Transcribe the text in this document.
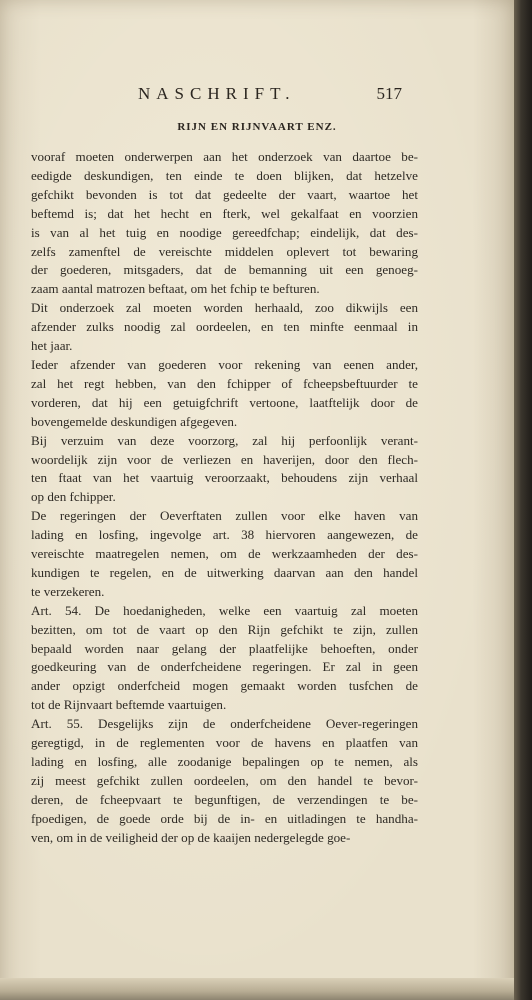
NASCHRIFT.	517
RIJN EN RIJNVAART ENZ.
vooraf moeten onderwerpen aan het onderzoek van daartoe be-
eedigde deskundigen, ten einde te doen blijken, dat hetzelve
gefchikt bevonden is tot dat gedeelte der vaart, waartoe het
beftemd is; dat het hecht en fterk, wel gekalfaat en voorzien
is van al het tuig en noodige gereedfchap; eindelijk, dat des-
zelfs zamenftel de vereischte middelen oplevert tot bewaring
der goederen, mitsgaders, dat de bemanning uit een genoeg-
zaam aantal matrozen beftaat, om het fchip te befturen.
Dit onderzoek zal moeten worden herhaald, zoo dikwijls een
afzender zulks noodig zal oordeelen, en ten minfte eenmaal in
het jaar.
Ieder afzender van goederen voor rekening van eenen ander,
zal het regt hebben, van den fchipper of fcheepsbeftuurder te
vorderen, dat hij een getuigfchrift vertoone, laatftelijk door de
bovengemelde deskundigen afgegeven.
Bij verzuim van deze voorzorg, zal hij perfoonlijk verant-
woordelijk zijn voor de verliezen en haverijen, door den flech-
ten ftaat van het vaartuig veroorzaakt, behoudens zijn verhaal
op den fchipper.
De regeringen der Oeverftaten zullen voor elke haven van
lading en losfing, ingevolge art. 38 hiervoren aangewezen, de
vereischte maatregelen nemen, om de werkzaamheden der des-
kundigen te regelen, en de uitwerking daarvan aan den handel
te verzekeren.
Art. 54. De hoedanigheden, welke een vaartuig zal moeten
bezitten, om tot de vaart op den Rijn gefchikt te zijn, zullen
bepaald worden naar gelang der plaatfelijke behoeften, onder
goedkeuring van de onderfcheidene regeringen. Er zal in geen
ander opzigt onderfcheid mogen gemaakt worden tusfchen de
tot de Rijnvaart beftemde vaartuigen.
Art. 55. Desgelijks zijn de onderfcheidene Oever-regeringen
geregtigd, in de reglementen voor de havens en plaatfen van
lading en losfing, alle zoodanige bepalingen op te nemen, als
zij meest gefchikt zullen oordeelen, om den handel te bevor-
deren, de fcheepvaart te begunftigen, de verzendingen te be-
fpoedigen, de goede orde bij de in- en uitladingen te handha-
ven, om in de veiligheid der op de kaaijen nedergelegde goe-
